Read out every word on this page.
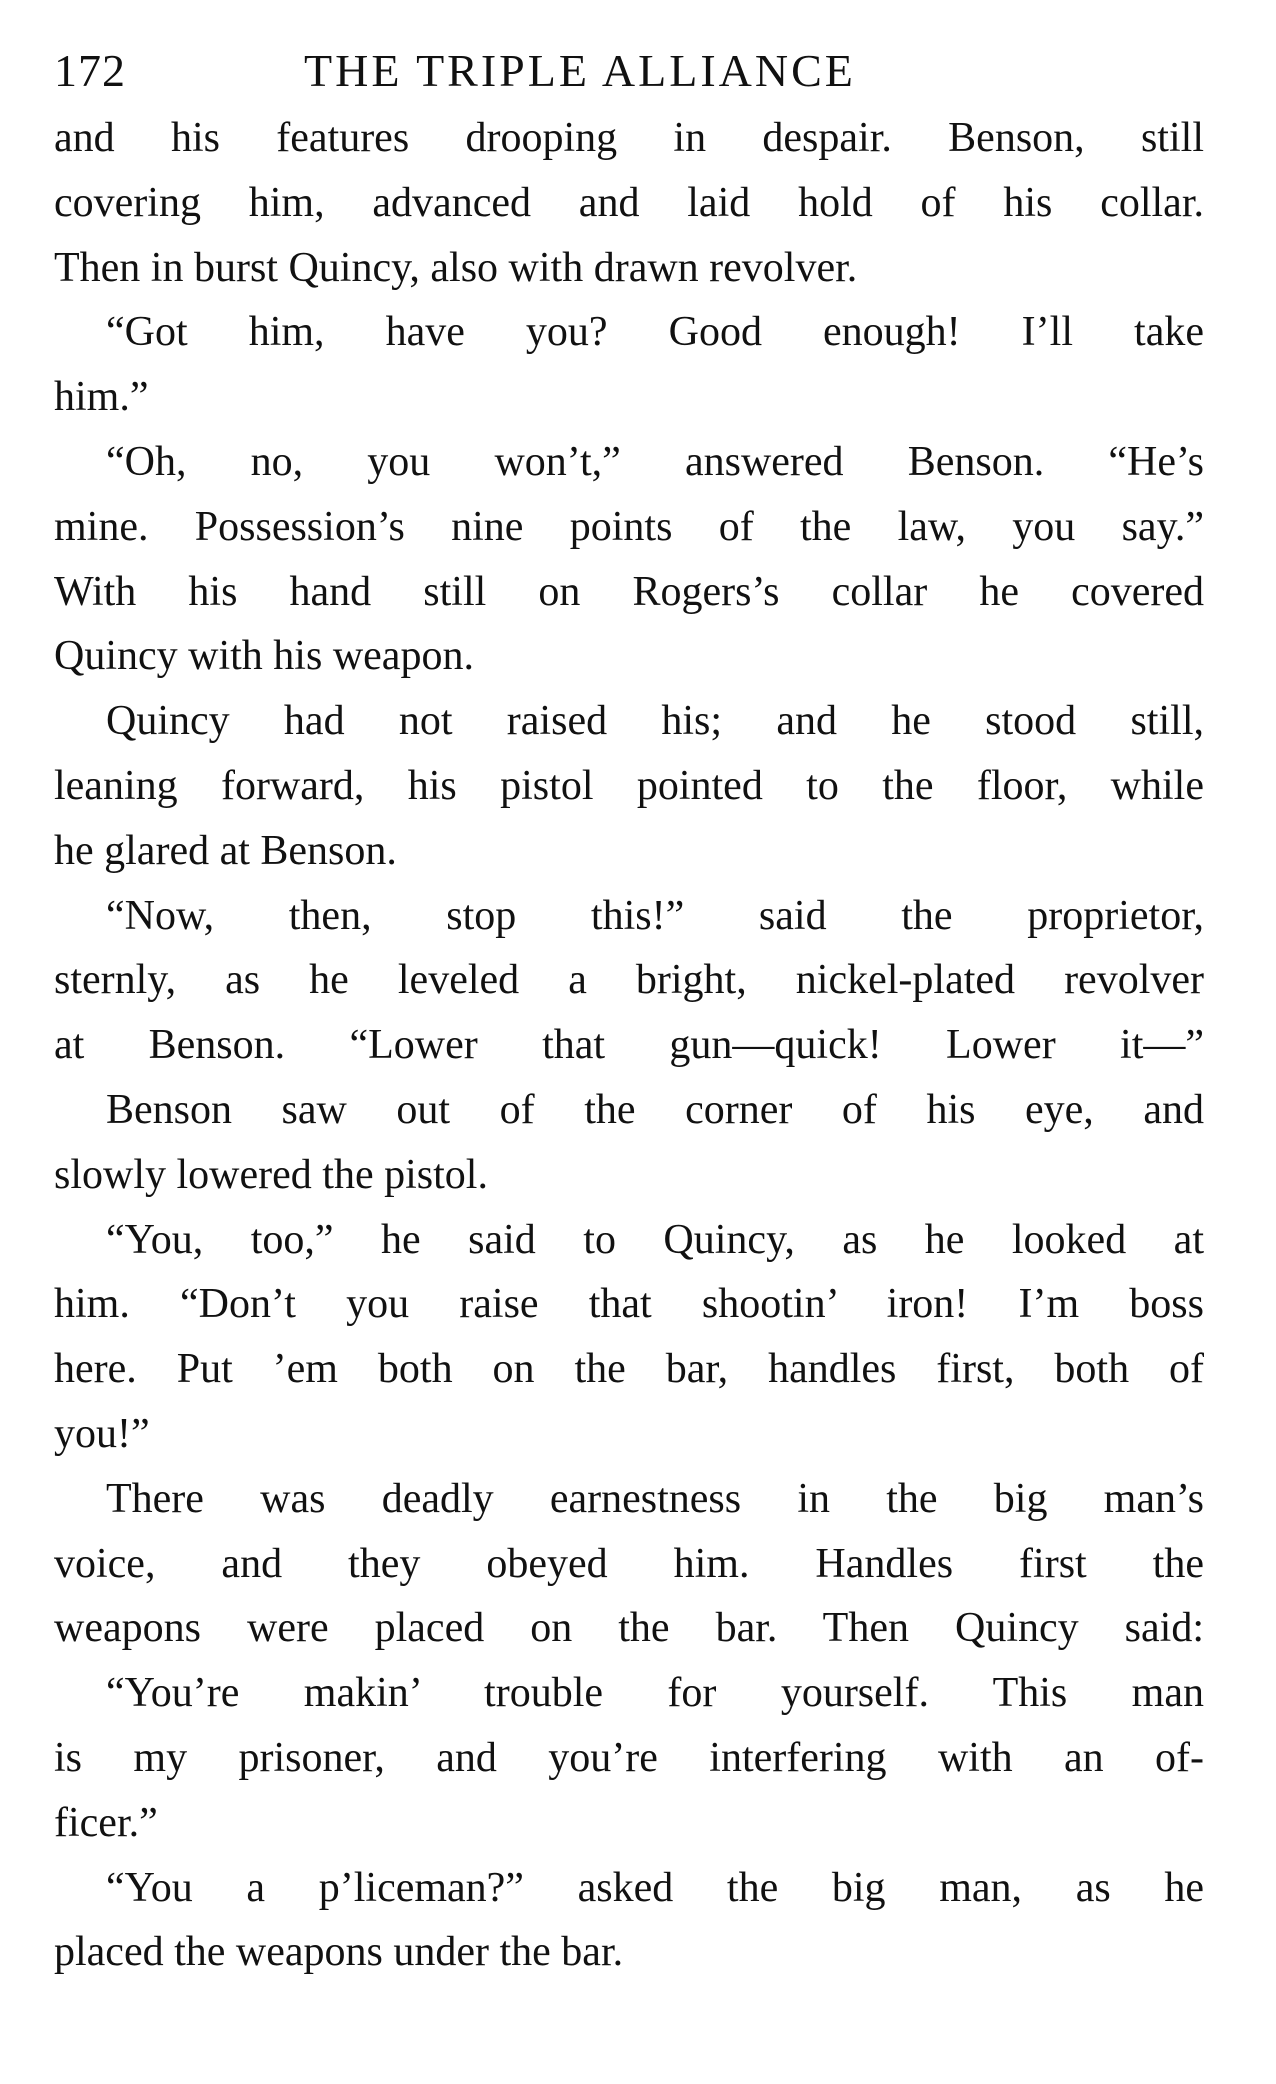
172	THE TRIPLE ALLIANCE
and his features drooping in despair. Benson, still
covering him, advanced and laid hold of his collar.
Then in burst Quincy, also with drawn revolver.
“Got him, have you? Good enough! I’ll take
him.”
“Oh, no, you won’t,” answered Benson. “He’s
mine. Possession’s nine points of the law, you say.”
With his hand still on Rogers’s collar he covered
Quincy with his weapon.
Quincy had not raised his; and he stood still,
leaning forward, his pistol pointed to the floor, while
he glared at Benson.
“Now, then, stop this!” said the proprietor,
sternly, as he leveled a bright, nickel-plated revolver
at Benson. “Lower that gun—quick! Lower it—”
Benson saw out of the corner of his eye, and
slowly lowered the pistol.
“You, too,” he said to Quincy, as he looked at
him. “Don’t you raise that shootin’ iron! I’m boss
here. Put ’em both on the bar, handles first, both of
you!”
There was deadly earnestness in the big man’s
voice, and they obeyed him. Handles first the
weapons were placed on the bar. Then Quincy said:
“You’re makin’ trouble for yourself. This man
is my prisoner, and you’re interfering with an of-
ficer.”
“You a p’liceman?” asked the big man, as he
placed the weapons under the bar.
